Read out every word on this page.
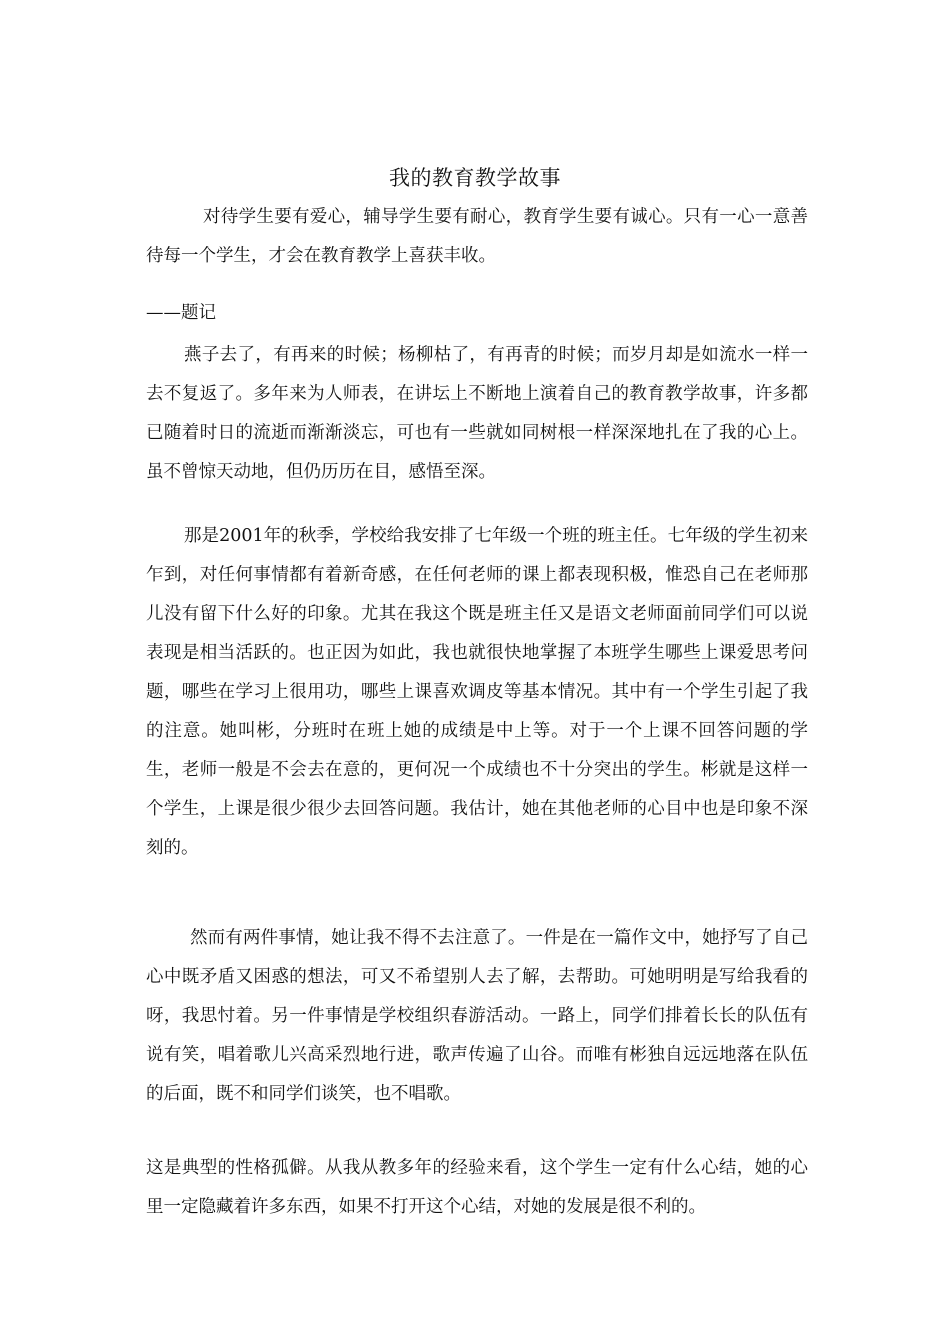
我的教育教学故事
对待学生要有爱心，辅导学生要有耐心，教育学生要有诚心。只有一心一意善待每一个学生，才会在教育教学上喜获丰收。
——题记
燕子去了，有再来的时候；杨柳枯了，有再青的时候；而岁月却是如流水一样一去不复返了。多年来为人师表，在讲坛上不断地上演着自己的教育教学故事，许多都已随着时日的流逝而渐渐淡忘，可也有一些就如同树根一样深深地扎在了我的心上。虽不曾惊天动地，但仍历历在目，感悟至深。
那是2001年的秋季，学校给我安排了七年级一个班的班主任。七年级的学生初来乍到，对任何事情都有着新奇感，在任何老师的课上都表现积极，惟恐自己在老师那儿没有留下什么好的印象。尤其在我这个既是班主任又是语文老师面前同学们可以说表现是相当活跃的。也正因为如此，我也就很快地掌握了本班学生哪些上课爱思考问题，哪些在学习上很用功，哪些上课喜欢调皮等基本情况。其中有一个学生引起了我的注意。她叫彬，分班时在班上她的成绩是中上等。对于一个上课不回答问题的学生，老师一般是不会去在意的，更何况一个成绩也不十分突出的学生。彬就是这样一个学生，上课是很少很少去回答问题。我估计，她在其他老师的心目中也是印象不深刻的。
然而有两件事情，她让我不得不去注意了。一件是在一篇作文中，她抒写了自己心中既矛盾又困惑的想法，可又不希望别人去了解，去帮助。可她明明是写给我看的呀，我思忖着。另一件事情是学校组织春游活动。一路上，同学们排着长长的队伍有说有笑，唱着歌儿兴高采烈地行进，歌声传遍了山谷。而唯有彬独自远远地落在队伍的后面，既不和同学们谈笑，也不唱歌。
这是典型的性格孤僻。从我从教多年的经验来看，这个学生一定有什么心结，她的心里一定隐藏着许多东西，如果不打开这个心结，对她的发展是很不利的。
